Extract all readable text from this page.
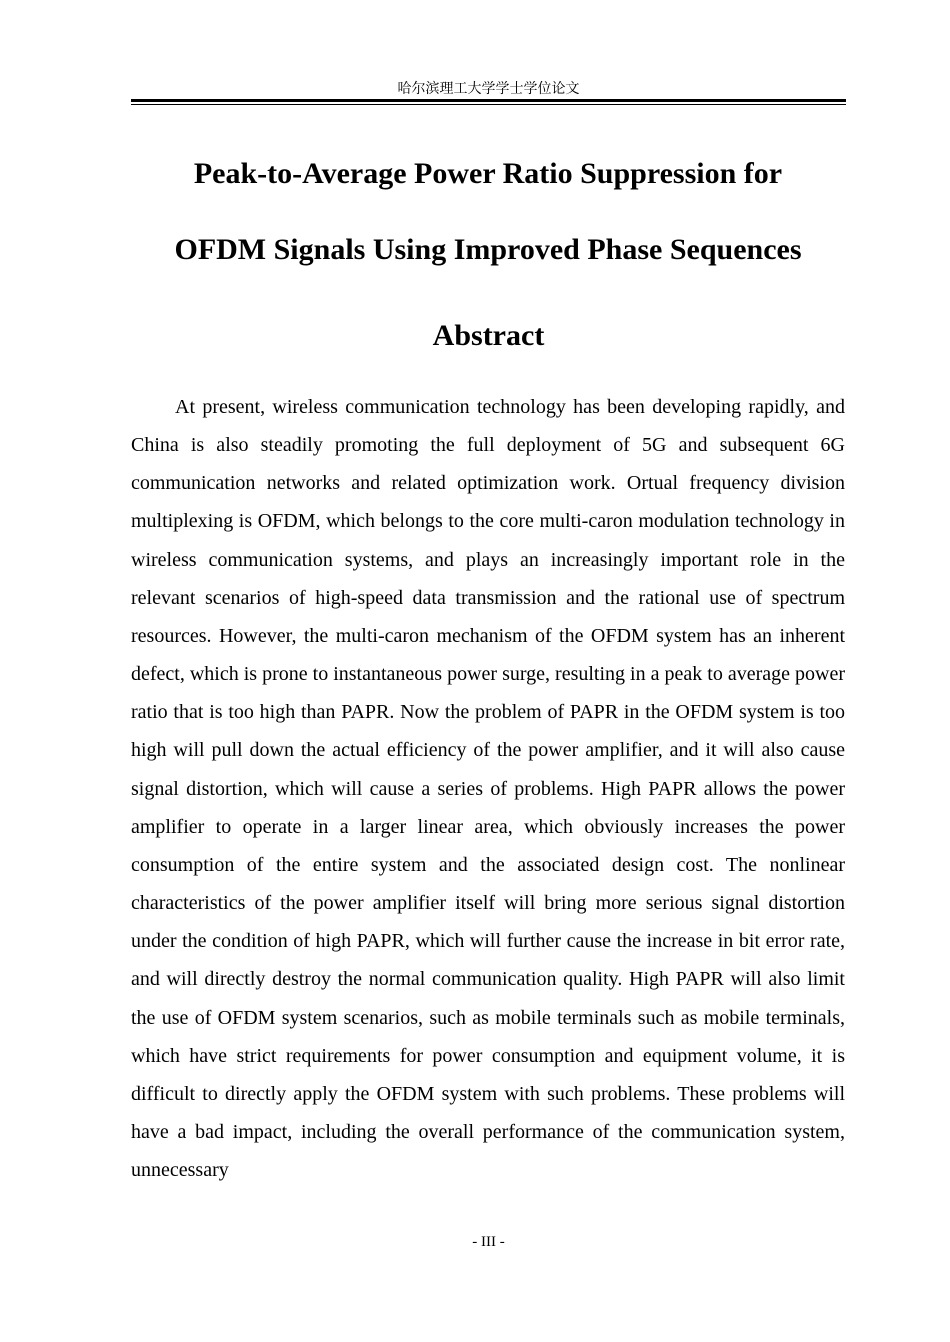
哈尔滨理工大学学士学位论文
Peak-to-Average Power Ratio Suppression for
OFDM Signals Using Improved Phase Sequences
Abstract

At present, wireless communication technology has been developing rapidly, and China is also steadily promoting the full deployment of 5G and subsequent 6G communication networks and related optimization work. Ortual frequency division multiplexing is OFDM, which belongs to the core multi-caron modulation technology in wireless communication systems, and plays an increasingly important role in the relevant scenarios of high-speed data transmission and the rational use of spectrum resources. However, the multi-caron mechanism of the OFDM system has an inherent defect, which is prone to instantaneous power surge, resulting in a peak to average power ratio that is too high than PAPR. Now the problem of PAPR in the OFDM system is too high will pull down the actual efficiency of the power amplifier, and it will also cause signal distortion, which will cause a series of problems. High PAPR allows the power amplifier to operate in a larger linear area, which obviously increases the power consumption of the entire system and the associated design cost. The nonlinear characteristics of the power amplifier itself will bring more serious signal distortion under the condition of high PAPR, which will further cause the increase in bit error rate, and will directly destroy the normal communication quality. High PAPR will also limit the use of OFDM system scenarios, such as mobile terminals such as mobile terminals, which have strict requirements for power consumption and equipment volume, it is difficult to directly apply the OFDM system with such problems. These problems will have a bad impact, including the overall performance of the communication system, unnecessary

- III -
